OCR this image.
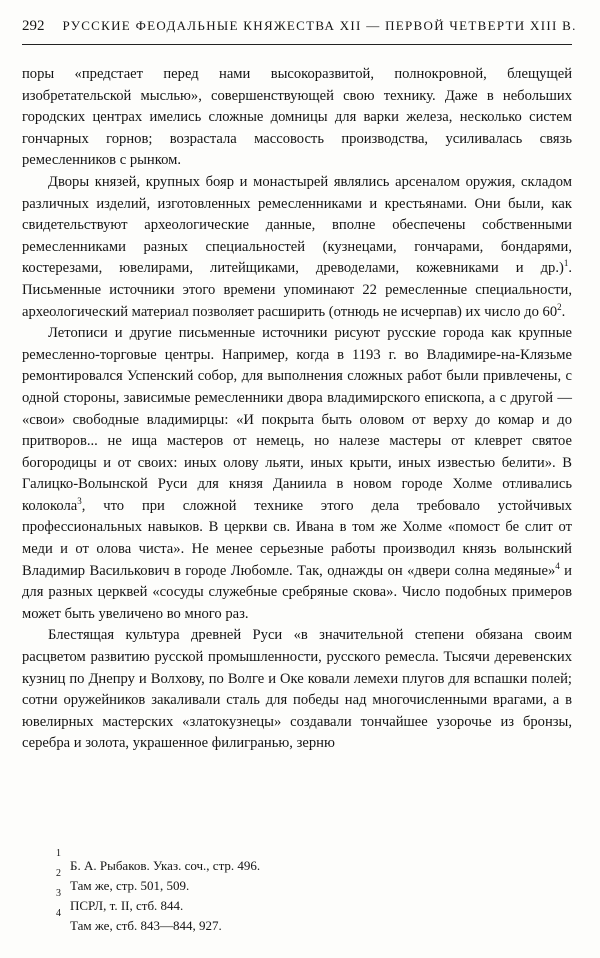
292 РУССКИЕ ФЕОДАЛЬНЫЕ КНЯЖЕСТВА XII — ПЕРВОЙ ЧЕТВЕРТИ XIII В.

поры «предстает перед нами высокоразвитой, полнокровной, блещущей изобретательской мыслью», совершенствующей свою технику. Даже в небольших городских центрах имелись сложные домницы для варки железа, несколько систем гончарных горнов; возрастала массовость производства, усиливалась связь ремесленников с рынком.

Дворы князей, крупных бояр и монастырей являлись арсеналом оружия, складом различных изделий, изготовленных ремесленниками и крестьянами. Они были, как свидетельствуют археологические данные, вполне обеспечены собственными ремесленниками разных специальностей (кузнецами, гончарами, бондарями, костерезами, ювелирами, литейщиками, древоделами, кожевниками и др.)$^1$. Письменные источники этого времени упоминают 22 ремесленные специальности, археологический материал позволяет расширить (отнюдь не исчерпав) их число до $60^2$.

Летописи и другие письменные источники рисуют русские города как крупные ремесленно-торговые центры. Например, когда в 1193 г. во Владимире-на-Клязьме ремонтировался Успенский собор, для выполнения сложных работ были привлечены, с одной стороны, зависимые ремесленники двора владимирского епископа, а с другой — «свои» свободные владимирцы: «И покрыта быть оловом от верху до комар и до притворов... не ища мастеров от немець, но налезе мастеры от клеврет святое богородицы и от своих: иных олову льяти, иных крыти, иных известью белити». В Галицко-Волынской Руси для князя Даниила в новом городе Холме отливались колокола$^3$, что при сложной технике этого дела требовало устойчивых профессиональных навыков. В церкви св. Ивана в том же Холме «помост бе слит от меди и от олова чиста». Не менее серьезные работы производил князь волынский Владимир Василькович в городе Любомле. Так, однажды он «двери солна медяные»$^4$ и для разных церквей «сосуды служебные сребряные скова». Число подобных примеров может быть увеличено во много раз.

Блестящая культура древней Руси «в значительной степени обязана своим расцветом развитию русской промышленности, русского ремесла. Тысячи деревенских кузниц по Днепру и Волхову, по Волге и Оке ковали лемехи плугов для вспашки полей; сотни оружейников закаливали сталь для победы над многочисленными врагами, а в ювелирных мастерских «златокузнецы» создавали тончайшее узорочье из бронзы, серебра и золота, украшенное филигранью, зерню

1
Б. А. Рыбаков. Указ. соч., стр. 496.
2
Там же, стр. 501, 509.
3
ПСРЛ, т. II, стб. 844.
4
Там же, стб. 843—844, 927.
